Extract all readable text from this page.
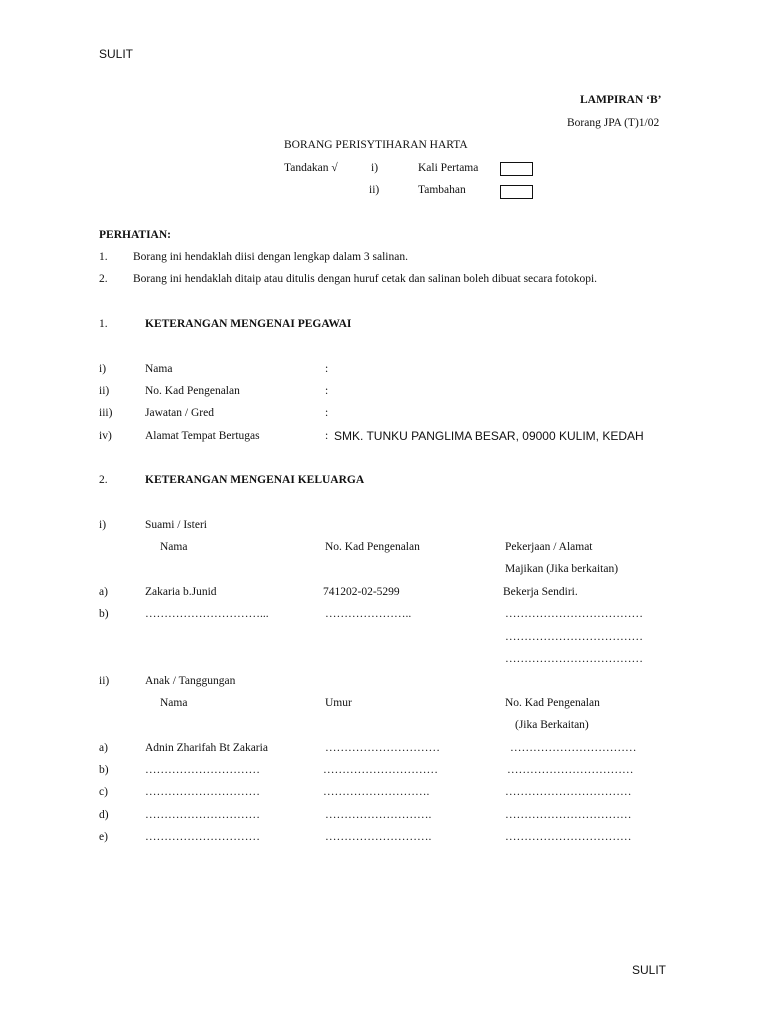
SULIT
LAMPIRAN ‘B’
Borang JPA (T)1/02
BORANG PERISYTIHARAN HARTA
Tandakan √	i)	Kali Pertama
ii)	Tambahan
PERHATIAN:
1. Borang ini hendaklah diisi dengan lengkap dalam 3 salinan.
2. Borang ini hendaklah ditaip atau ditulis dengan huruf cetak dan salinan boleh dibuat secara fotokopi.
1.	KETERANGAN MENGENAI PEGAWAI
i)	Nama	:
ii)	No. Kad Pengenalan	:
iii)	Jawatan / Gred	:
iv)	Alamat Tempat Bertugas	: SMK. TUNKU PANGLIMA BESAR, 09000 KULIM, KEDAH
2.	KETERANGAN MENGENAI KELUARGA
i)	Suami / Isteri
Nama	No. Kad Pengenalan	Pekerjaan / Alamat
Majikan (Jika berkaitan)
a)	Zakaria b.Junid	741202-02-5299	Bekerja Sendiri.
b)	…………………………...	…………………..	………………………………
………………………………
………………………………
ii)	Anak / Tanggungan
Nama	Umur	No. Kad Pengenalan
(Jika Berkaitan)
a)	Adnin Zharifah Bt Zakaria	…………………………	……………………………
b)	…………………………	…………………………	……………………………
c)	…………………………	……………………….	……………………………
d)	…………………………	……………………….	……………………………
e)	…………………………	……………………….	……………………………
SULIT
